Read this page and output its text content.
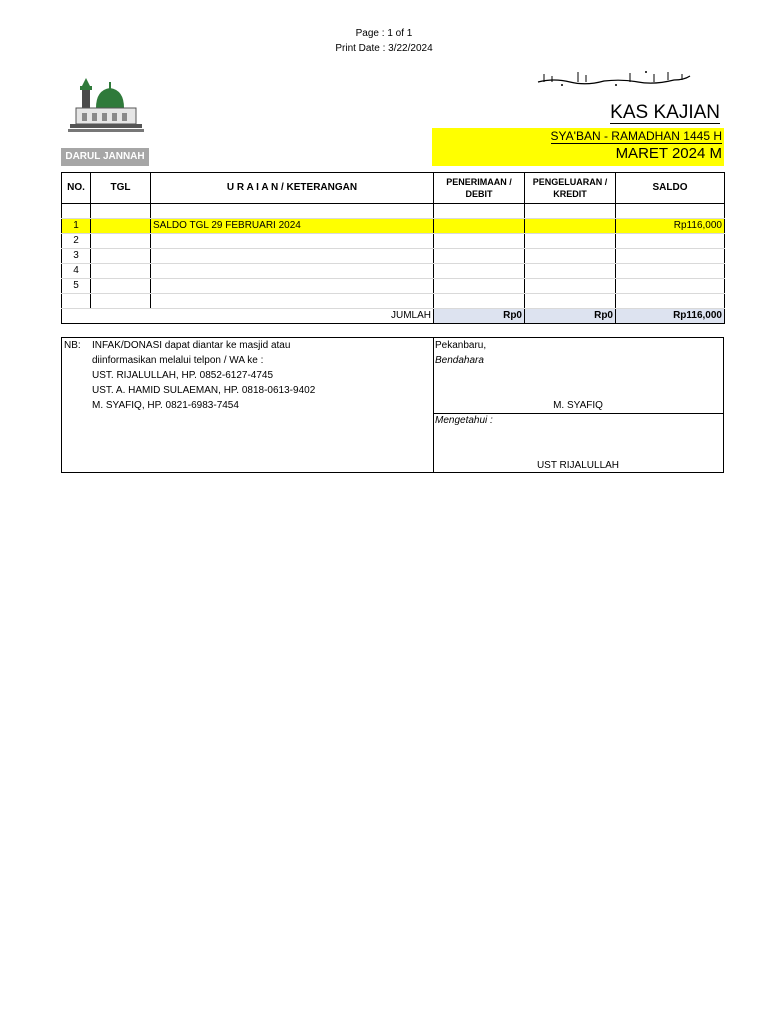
Page : 1 of 1
Print Date : 3/22/2024
KAS KAJIAN
SYA'BAN - RAMADHAN 1445 H
MARET 2024 M
DARUL JANNAH
NO.	TGL	U R A I A N / KETERANGAN	PENERIMAAN / DEBIT	PENGELUARAN / KREDIT	SALDO

1		SALDO TGL 29 FEBRUARI 2024			Rp116,000
2					
3					
4					
5					

JUMLAH			Rp0	Rp0	Rp116,000
NB: INFAK/DONASI dapat diantar ke masjid atau
diinformasikan melalui telpon / WA ke :
UST. RIJALULLAH, HP. 0852-6127-4745
UST. A. HAMID SULAEMAN, HP. 0818-0613-9402
M. SYAFIQ, HP. 0821-6983-7454
Pekanbaru,
Bendahara
M. SYAFIQ
Mengetahui :
UST RIJALULLAH
